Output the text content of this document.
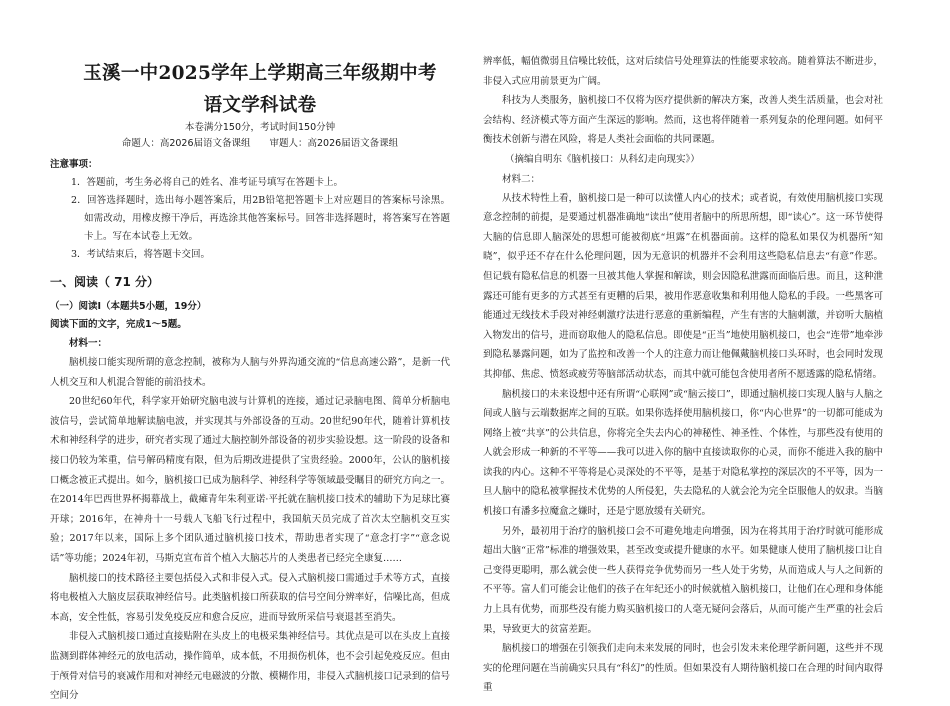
玉溪一中2025学年上学期高三年级期中考
语文学科试卷

本卷满分150分，考试时间150分钟

命题人：高2026届语文备课组　　审题人：高2026届语文备课组

注意事项：

1．答题前，考生务必将自己的姓名、准考证号填写在答题卡上。

2．回答选择题时，选出每小题答案后，用2B铅笔把答题卡上对应题目的答案标号涂黑。如需改动，用橡皮擦干净后，再选涂其他答案标号。回答非选择题时，将答案写在答题卡上。写在本试卷上无效。

3．考试结束后，将答题卡交回。

一、阅读（ 71 分）

（一）阅读Ⅰ（本题共5小题，19分）

阅读下面的文字，完成1～5题。

材料一：

脑机接口能实现所谓的意念控制，被称为人脑与外界沟通交流的“信息高速公路”，是新一代人机交互和人机混合智能的前沿技术。

20世纪60年代，科学家开始研究脑电波与计算机的连接，通过记录脑电图、简单分析脑电波信号，尝试简单地解读脑电波，并实现其与外部设备的互动。20世纪90年代，随着计算机技术和神经科学的进步，研究者实现了通过大脑控制外部设备的初步实验设想。这一阶段的设备和接口仍较为笨重，信号解码精度有限，但为后期改进提供了宝贵经验。2000年，公认的脑机接口概念被正式提出。如今，脑机接口已成为脑科学、神经科学等领域最受瞩目的研究方向之一。在2014年巴西世界杯揭幕战上，截瘫青年朱利亚诺·平托就在脑机接口技术的辅助下为足球比赛开球；2016年，在神舟十一号载人飞船飞行过程中，我国航天员完成了首次太空脑机交互实验；2017年以来，国际上多个团队通过脑机接口技术，帮助患者实现了“意念打字”“意念说话”等功能；2024年初，马斯克宣布首个植入大脑芯片的人类患者已经完全康复……

脑机接口的技术路径主要包括侵入式和非侵入式。侵入式脑机接口需通过手术等方式，直接将电极植入大脑皮层获取神经信号。此类脑机接口所获取的信号空间分辨率好，信噪比高，但成本高，安全性低，容易引发免疫反应和愈合反应，进而导致所采信号衰退甚至消失。

非侵入式脑机接口通过直接贴附在头皮上的电极采集神经信号。其优点是可以在头皮上直接监测到群体神经元的放电活动，操作简单，成本低，不用损伤机体，也不会引起免疫反应。但由于颅骨对信号的衰减作用和对神经元电磁波的分散、模糊作用，非侵入式脑机接口记录到的信号空间分

辨率低，幅值微弱且信噪比较低，这对后续信号处理算法的性能要求较高。随着算法不断进步，非侵入式应用前景更为广阔。

科技为人类服务，脑机接口不仅将为医疗提供新的解决方案，改善人类生活质量，也会对社会结构、经济模式等方面产生深远的影响。然而，这也将伴随着一系列复杂的伦理问题。如何平衡技术创新与潜在风险，将是人类社会面临的共同课题。

（摘编自明东《脑机接口：从科幻走向现实》）

材料二：

从技术特性上看，脑机接口是一种可以读懂人内心的技术；或者说，有效使用脑机接口实现意念控制的前提，是要通过机器准确地“读出”使用者脑中的所思所想，即“读心”。这一环节使得大脑的信息即人脑深处的思想可能被彻底“坦露”在机器面前。这样的隐私如果仅为机器所“知晓”，似乎还不存在什么伦理问题，因为无意识的机器并不会利用这些隐私信息去“有意”作恶。但记载有隐私信息的机器一旦被其他人掌握和解读，则会因隐私泄露而面临后患。而且，这种泄露还可能有更多的方式甚至有更糟的后果，被用作恶意收集和利用他人隐私的手段。一些黑客可能通过无线技术手段对神经刺激疗法进行恶意的重新编程，产生有害的大脑刺激，并窃听大脑植入物发出的信号，进而窃取他人的隐私信息。即使是“正当”地使用脑机接口，也会“连带”地牵涉到隐私暴露问题，如为了监控和改善一个人的注意力而让他佩戴脑机接口头环时，也会同时发现其抑郁、焦虑、愤怒或疲劳等脑部活动状态，而其中就可能包含使用者所不愿透露的隐私情绪。

脑机接口的未来设想中还有所谓“心联网”或“脑云接口”，即通过脑机接口实现人脑与人脑之间或人脑与云端数据库之间的互联。如果你选择使用脑机接口，你“内心世界”的一切都可能成为网络上被“共享”的公共信息，你将完全失去内心的神秘性、神圣性、个体性，与那些没有使用的人就会形成一种新的不平等——我可以进入你的脑中直接读取你的心灵，而你不能进入我的脑中读我的内心。这种不平等将是心灵深处的不平等，是基于对隐私掌控的深层次的不平等，因为一旦人脑中的隐私被掌握技术优势的人所侵犯，失去隐私的人就会沦为完全臣服他人的奴隶。当脑机接口有潘多拉魔盒之嫌时，还是宁愿放缓有关研究。

另外，最初用于治疗的脑机接口会不可避免地走向增强，因为在将其用于治疗时就可能形成超出大脑“正常”标准的增强效果，甚至改变或提升健康的水平。如果健康人使用了脑机接口让自己变得更聪明，那么就会使一些人获得竞争优势而另一些人处于劣势，从而造成人与人之间新的不平等。富人们可能会让他们的孩子在年纪还小的时候就植入脑机接口，让他们在心理和身体能力上具有优势，而那些没有能力购买脑机接口的人毫无疑问会落后，从而可能产生严重的社会后果，导致更大的贫富差距。

脑机接口的增强在引领我们走向未来发展的同时，也会引发未来伦理学新问题，这些并不现实的伦理问题在当前确实只具有“科幻”的性质。但如果没有人期待脑机接口在合理的时间内取得重
